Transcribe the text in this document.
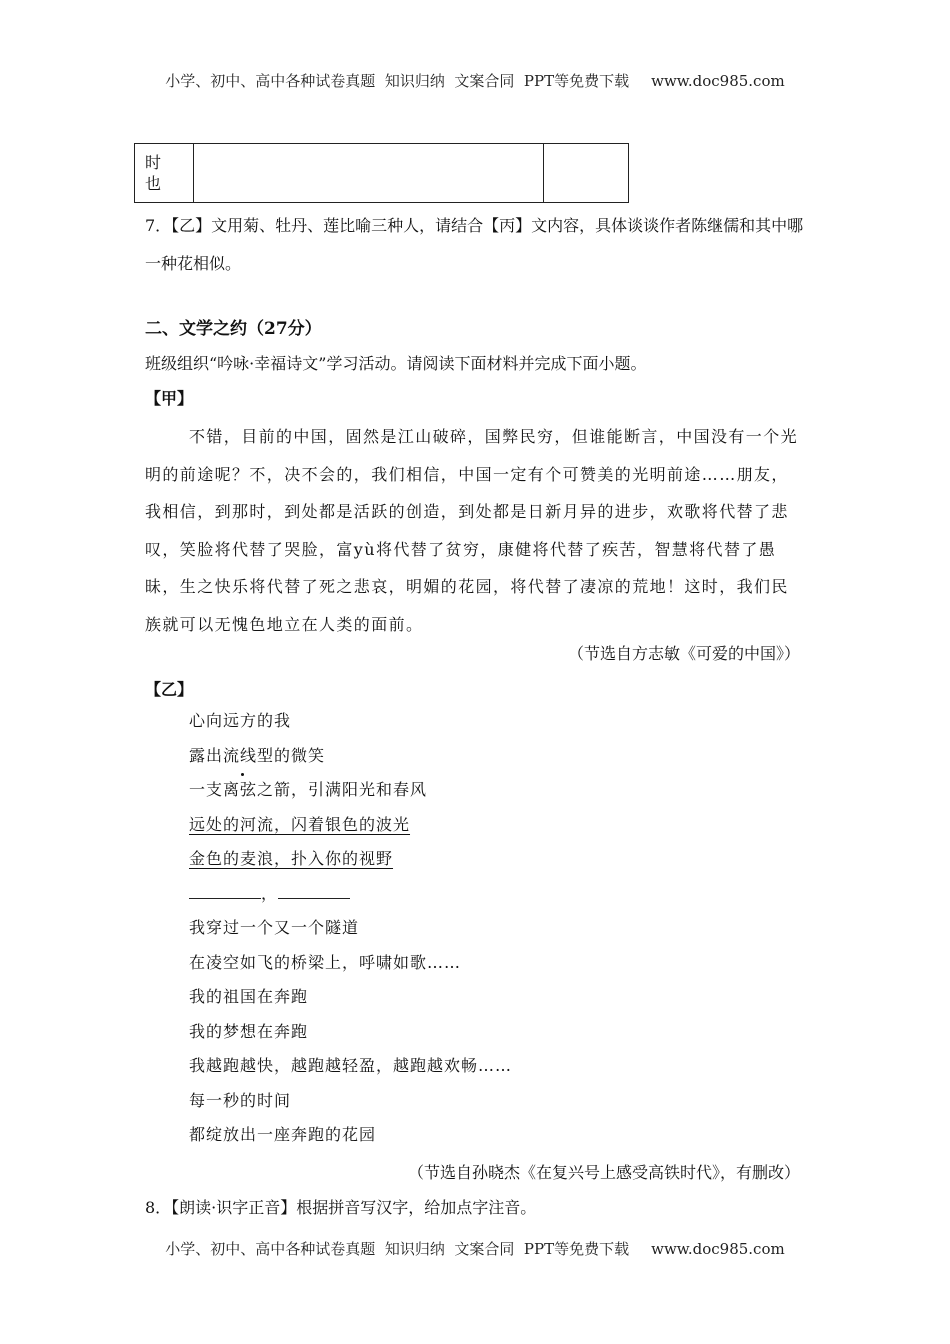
小学、初中、高中各种试卷真题  知识归纳  文案合同  PPT等免费下载 www.doc985.com
时
也

7．【乙】文用菊、牡丹、莲比喻三种人，请结合【丙】文内容，具体谈谈作者陈继儒和其中哪一种花相似。
二、文学之约（27分）
班级组织“吟咏·幸福诗文”学习活动。请阅读下面材料并完成下面小题。
【甲】
不错，目前的中国，固然是江山破碎，国弊民穷，但谁能断言，中国没有一个光明的前途呢？不，决不会的，我们相信，中国一定有个可赞美的光明前途……朋友，我相信，到那时，到处都是活跃的创造，到处都是日新月异的进步，欢歌将代替了悲叹，笑脸将代替了哭脸，富yù将代替了贫穷，康健将代替了疾苦，智慧将代替了愚昧，生之快乐将代替了死之悲哀，明媚的花园，将代替了凄凉的荒地！这时，我们民族就可以无愧色地立在人类的面前。
（节选自方志敏《可爱的中国》）
【乙】
心向远方的我
露出流线型的微笑
一支离弦之箭，引满阳光和春风
远处的河流，闪着银色的波光
金色的麦浪，扑入你的视野
，
我穿过一个又一个隧道
在凌空如飞的桥梁上，呼啸如歌……
我的祖国在奔跑
我的梦想在奔跑
我越跑越快，越跑越轻盈，越跑越欢畅……
每一秒的时间
都绽放出一座奔跑的花园
（节选自孙晓杰《在复兴号上感受高铁时代》，有删改）
8．【朗读·识字正音】根据拼音写汉字，给加点字注音。
小学、初中、高中各种试卷真题  知识归纳  文案合同  PPT等免费下载 www.doc985.com
